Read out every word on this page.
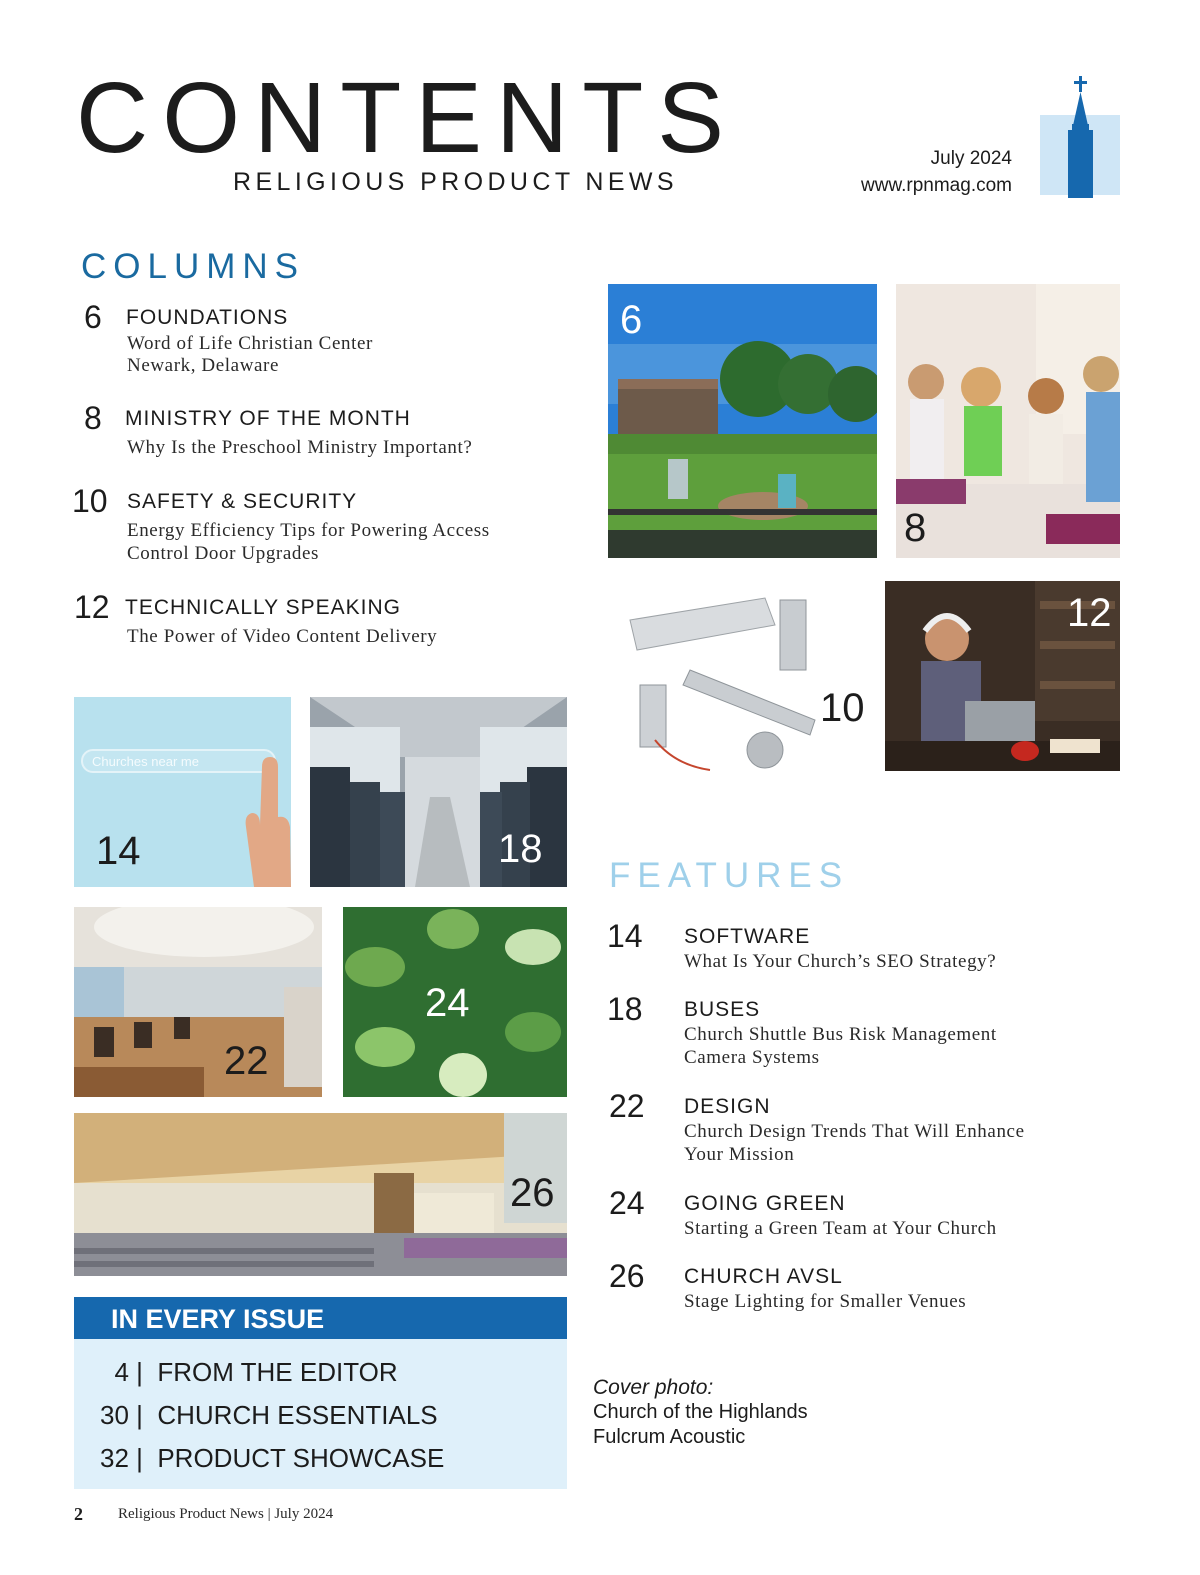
CONTENTS
RELIGIOUS PRODUCT NEWS
July 2024
www.rpnmag.com
COLUMNS
6 FOUNDATIONS
Word of Life Christian Center
Newark, Delaware
8 MINISTRY OF THE MONTH
Why Is the Preschool Ministry Important?
10 SAFETY & SECURITY
Energy Efficiency Tips for Powering Access
Control Door Upgrades
12 TECHNICALLY SPEAKING
The Power of Video Content Delivery
6
8
10
12
Churches near me
14	18
22
24
26
FEATURES
14 SOFTWARE
What Is Your Church’s SEO Strategy?
18 BUSES
Church Shuttle Bus Risk Management
Camera Systems
22 DESIGN
Church Design Trends That Will Enhance
Your Mission
24 GOING GREEN
Starting a Green Team at Your Church
26 CHURCH AVSL
Stage Lighting for Smaller Venues
IN EVERY ISSUE
4 |  FROM THE EDITOR
30 |  CHURCH ESSENTIALS
32 |  PRODUCT SHOWCASE
Cover photo:
Church of the Highlands
Fulcrum Acoustic
2 Religious Product News | July 2024
